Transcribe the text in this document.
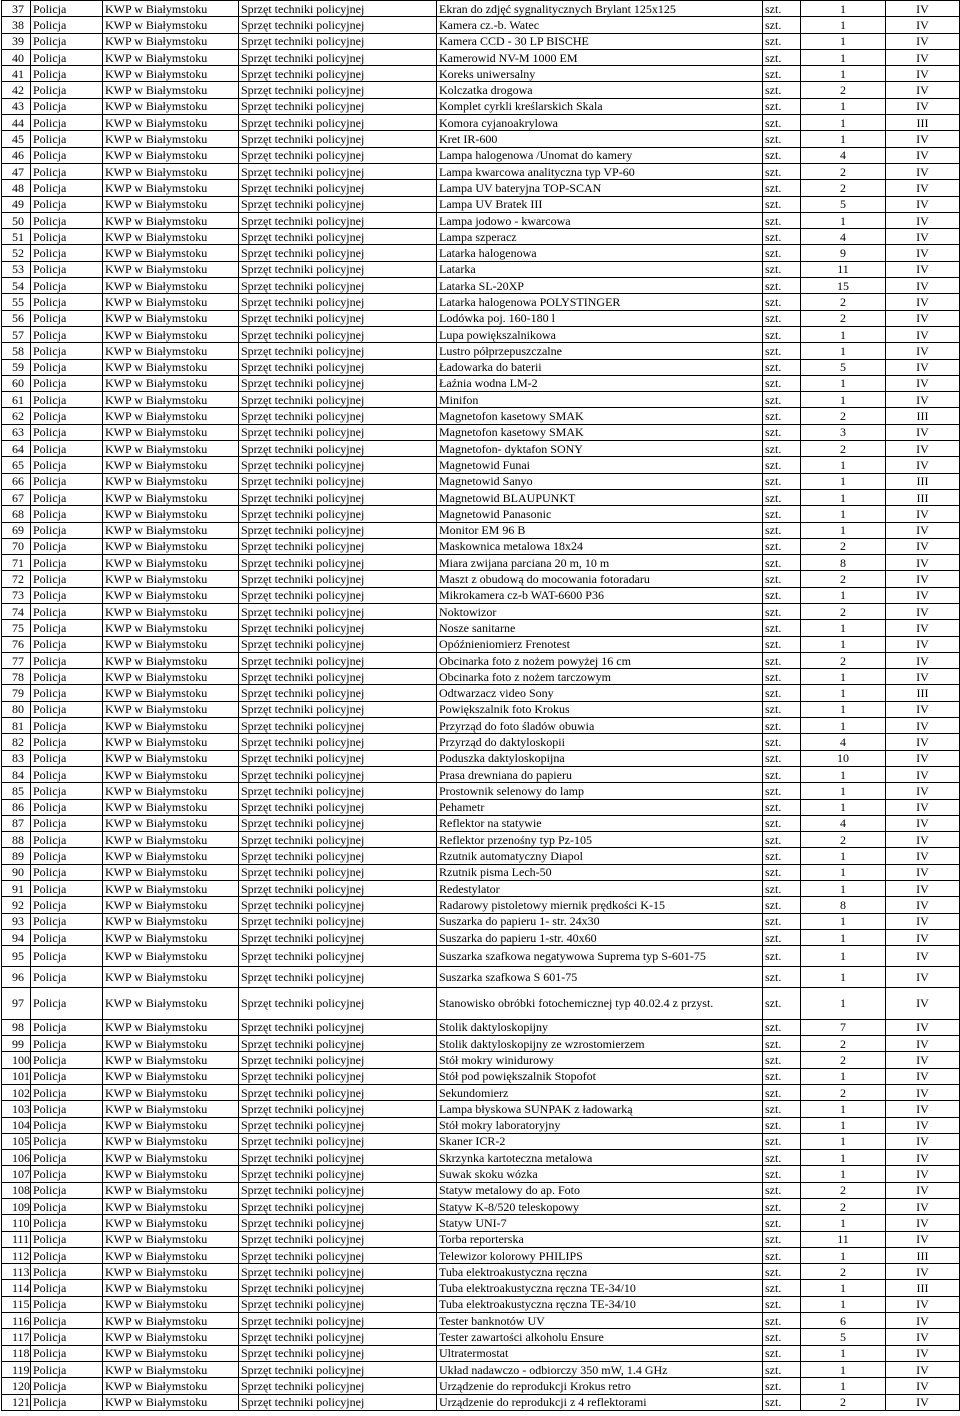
37	Policja	KWP w Białymstoku	Sprzęt techniki policyjnej	Ekran do zdjęć sygnalitycznych Brylant 125x125	szt.	1	IV
38	Policja	KWP w Białymstoku	Sprzęt techniki policyjnej	Kamera cz.-b. Watec	szt.	1	IV
39	Policja	KWP w Białymstoku	Sprzęt techniki policyjnej	Kamera CCD - 30 LP BISCHE	szt.	1	IV
40	Policja	KWP w Białymstoku	Sprzęt techniki policyjnej	Kamerowid NV-M 1000 EM	szt.	1	IV
41	Policja	KWP w Białymstoku	Sprzęt techniki policyjnej	Koreks uniwersalny	szt.	1	IV
42	Policja	KWP w Białymstoku	Sprzęt techniki policyjnej	Kolczatka drogowa	szt.	2	IV
43	Policja	KWP w Białymstoku	Sprzęt techniki policyjnej	Komplet cyrkli kreślarskich Skala	szt.	1	IV
44	Policja	KWP w Białymstoku	Sprzęt techniki policyjnej	Komora cyjanoakrylowa	szt.	1	III
45	Policja	KWP w Białymstoku	Sprzęt techniki policyjnej	Kret IR-600	szt.	1	IV
46	Policja	KWP w Białymstoku	Sprzęt techniki policyjnej	Lampa halogenowa /Unomat do kamery	szt.	4	IV
47	Policja	KWP w Białymstoku	Sprzęt techniki policyjnej	Lampa kwarcowa analityczna typ VP-60	szt.	2	IV
48	Policja	KWP w Białymstoku	Sprzęt techniki policyjnej	Lampa UV bateryjna TOP-SCAN	szt.	2	IV
49	Policja	KWP w Białymstoku	Sprzęt techniki policyjnej	Lampa UV Bratek III	szt.	5	IV
50	Policja	KWP w Białymstoku	Sprzęt techniki policyjnej	Lampa jodowo - kwarcowa	szt.	1	IV
51	Policja	KWP w Białymstoku	Sprzęt techniki policyjnej	Lampa szperacz	szt.	4	IV
52	Policja	KWP w Białymstoku	Sprzęt techniki policyjnej	Latarka halogenowa	szt.	9	IV
53	Policja	KWP w Białymstoku	Sprzęt techniki policyjnej	Latarka	szt.	11	IV
54	Policja	KWP w Białymstoku	Sprzęt techniki policyjnej	Latarka SL-20XP	szt.	15	IV
55	Policja	KWP w Białymstoku	Sprzęt techniki policyjnej	Latarka halogenowa POLYSTINGER	szt.	2	IV
56	Policja	KWP w Białymstoku	Sprzęt techniki policyjnej	Lodówka poj. 160-180 l	szt.	2	IV
57	Policja	KWP w Białymstoku	Sprzęt techniki policyjnej	Lupa powiększalnikowa	szt.	1	IV
58	Policja	KWP w Białymstoku	Sprzęt techniki policyjnej	Lustro półprzepuszczalne	szt.	1	IV
59	Policja	KWP w Białymstoku	Sprzęt techniki policyjnej	Ładowarka do baterii	szt.	5	IV
60	Policja	KWP w Białymstoku	Sprzęt techniki policyjnej	Łaźnia wodna LM-2	szt.	1	IV
61	Policja	KWP w Białymstoku	Sprzęt techniki policyjnej	Minifon	szt.	1	IV
62	Policja	KWP w Białymstoku	Sprzęt techniki policyjnej	Magnetofon kasetowy SMAK	szt.	2	III
63	Policja	KWP w Białymstoku	Sprzęt techniki policyjnej	Magnetofon kasetowy SMAK	szt.	3	IV
64	Policja	KWP w Białymstoku	Sprzęt techniki policyjnej	Magnetofon- dyktafon SONY	szt.	2	IV
65	Policja	KWP w Białymstoku	Sprzęt techniki policyjnej	Magnetowid Funai	szt.	1	IV
66	Policja	KWP w Białymstoku	Sprzęt techniki policyjnej	Magnetowid Sanyo	szt.	1	III
67	Policja	KWP w Białymstoku	Sprzęt techniki policyjnej	Magnetowid BLAUPUNKT	szt.	1	III
68	Policja	KWP w Białymstoku	Sprzęt techniki policyjnej	Magnetowid Panasonic	szt.	1	IV
69	Policja	KWP w Białymstoku	Sprzęt techniki policyjnej	Monitor EM 96 B	szt.	1	IV
70	Policja	KWP w Białymstoku	Sprzęt techniki policyjnej	Maskownica metalowa 18x24	szt.	2	IV
71	Policja	KWP w Białymstoku	Sprzęt techniki policyjnej	Miara zwijana parciana 20 m, 10 m	szt.	8	IV
72	Policja	KWP w Białymstoku	Sprzęt techniki policyjnej	Maszt z obudową do mocowania fotoradaru	szt.	2	IV
73	Policja	KWP w Białymstoku	Sprzęt techniki policyjnej	Mikrokamera cz-b WAT-6600 P36	szt.	1	IV
74	Policja	KWP w Białymstoku	Sprzęt techniki policyjnej	Noktowizor	szt.	2	IV
75	Policja	KWP w Białymstoku	Sprzęt techniki policyjnej	Nosze sanitarne	szt.	1	IV
76	Policja	KWP w Białymstoku	Sprzęt techniki policyjnej	Opóźnieniomierz Frenotest	szt.	1	IV
77	Policja	KWP w Białymstoku	Sprzęt techniki policyjnej	Obcinarka foto z nożem powyżej 16 cm	szt.	2	IV
78	Policja	KWP w Białymstoku	Sprzęt techniki policyjnej	Obcinarka foto z nożem tarczowym	szt.	1	IV
79	Policja	KWP w Białymstoku	Sprzęt techniki policyjnej	Odtwarzacz video Sony	szt.	1	III
80	Policja	KWP w Białymstoku	Sprzęt techniki policyjnej	Powiększalnik foto Krokus	szt.	1	IV
81	Policja	KWP w Białymstoku	Sprzęt techniki policyjnej	Przyrząd do foto śladów obuwia	szt.	1	IV
82	Policja	KWP w Białymstoku	Sprzęt techniki policyjnej	Przyrząd do daktyloskopii	szt.	4	IV
83	Policja	KWP w Białymstoku	Sprzęt techniki policyjnej	Poduszka daktyloskopijna	szt.	10	IV
84	Policja	KWP w Białymstoku	Sprzęt techniki policyjnej	Prasa drewniana do papieru	szt.	1	IV
85	Policja	KWP w Białymstoku	Sprzęt techniki policyjnej	Prostownik selenowy do lamp	szt.	1	IV
86	Policja	KWP w Białymstoku	Sprzęt techniki policyjnej	Pehametr	szt.	1	IV
87	Policja	KWP w Białymstoku	Sprzęt techniki policyjnej	Reflektor na statywie	szt.	4	IV
88	Policja	KWP w Białymstoku	Sprzęt techniki policyjnej	Reflektor przenośny typ Pz-105	szt.	2	IV
89	Policja	KWP w Białymstoku	Sprzęt techniki policyjnej	Rzutnik automatyczny Diapol	szt.	1	IV
90	Policja	KWP w Białymstoku	Sprzęt techniki policyjnej	Rzutnik pisma Lech-50	szt.	1	IV
91	Policja	KWP w Białymstoku	Sprzęt techniki policyjnej	Redestylator	szt.	1	IV
92	Policja	KWP w Białymstoku	Sprzęt techniki policyjnej	Radarowy pistoletowy miernik prędkości K-15	szt.	8	IV
93	Policja	KWP w Białymstoku	Sprzęt techniki policyjnej	Suszarka do papieru 1- str. 24x30	szt.	1	IV
94	Policja	KWP w Białymstoku	Sprzęt techniki policyjnej	Suszarka do papieru 1-str. 40x60	szt.	1	IV
95	Policja	KWP w Białymstoku	Sprzęt techniki policyjnej	Suszarka szafkowa negatywowa Suprema typ S-601-75	szt.	1	IV
96	Policja	KWP w Białymstoku	Sprzęt techniki policyjnej	Suszarka szafkowa S 601-75	szt.	1	IV
97	Policja	KWP w Białymstoku	Sprzęt techniki policyjnej	Stanowisko obróbki fotochemicznej typ 40.02.4 z przyst.	szt.	1	IV
98	Policja	KWP w Białymstoku	Sprzęt techniki policyjnej	Stolik daktyloskopijny	szt.	7	IV
99	Policja	KWP w Białymstoku	Sprzęt techniki policyjnej	Stolik daktyloskopijny ze wzrostomierzem	szt.	2	IV
100	Policja	KWP w Białymstoku	Sprzęt techniki policyjnej	Stół mokry winidurowy	szt.	2	IV
101	Policja	KWP w Białymstoku	Sprzęt techniki policyjnej	Stół pod powiększalnik Stopofot	szt.	1	IV
102	Policja	KWP w Białymstoku	Sprzęt techniki policyjnej	Sekundomierz	szt.	2	IV
103	Policja	KWP w Białymstoku	Sprzęt techniki policyjnej	Lampa błyskowa SUNPAK z ładowarką	szt.	1	IV
104	Policja	KWP w Białymstoku	Sprzęt techniki policyjnej	Stół mokry laboratoryjny	szt.	1	IV
105	Policja	KWP w Białymstoku	Sprzęt techniki policyjnej	Skaner ICR-2	szt.	1	IV
106	Policja	KWP w Białymstoku	Sprzęt techniki policyjnej	Skrzynka kartoteczna metalowa	szt.	1	IV
107	Policja	KWP w Białymstoku	Sprzęt techniki policyjnej	Suwak skoku wózka	szt.	1	IV
108	Policja	KWP w Białymstoku	Sprzęt techniki policyjnej	Statyw metalowy do ap. Foto	szt.	2	IV
109	Policja	KWP w Białymstoku	Sprzęt techniki policyjnej	Statyw K-8/520 teleskopowy	szt.	2	IV
110	Policja	KWP w Białymstoku	Sprzęt techniki policyjnej	Statyw UNI-7	szt.	1	IV
111	Policja	KWP w Białymstoku	Sprzęt techniki policyjnej	Torba reporterska	szt.	11	IV
112	Policja	KWP w Białymstoku	Sprzęt techniki policyjnej	Telewizor kolorowy PHILIPS	szt.	1	III
113	Policja	KWP w Białymstoku	Sprzęt techniki policyjnej	Tuba elektroakustyczna ręczna	szt.	2	IV
114	Policja	KWP w Białymstoku	Sprzęt techniki policyjnej	Tuba elektroakustyczna ręczna TE-34/10	szt.	1	III
115	Policja	KWP w Białymstoku	Sprzęt techniki policyjnej	Tuba elektroakustyczna ręczna TE-34/10	szt.	1	IV
116	Policja	KWP w Białymstoku	Sprzęt techniki policyjnej	Tester banknotów UV	szt.	6	IV
117	Policja	KWP w Białymstoku	Sprzęt techniki policyjnej	Tester zawartości alkoholu Ensure	szt.	5	IV
118	Policja	KWP w Białymstoku	Sprzęt techniki policyjnej	Ultratermostat	szt.	1	IV
119	Policja	KWP w Białymstoku	Sprzęt techniki policyjnej	Układ nadawczo - odbiorczy 350 mW, 1.4 GHz	szt.	1	IV
120	Policja	KWP w Białymstoku	Sprzęt techniki policyjnej	Urządzenie do reprodukcji Krokus retro	szt.	1	IV
121	Policja	KWP w Białymstoku	Sprzęt techniki policyjnej	Urządzenie do reprodukcji z 4 reflektorami	szt.	2	IV
